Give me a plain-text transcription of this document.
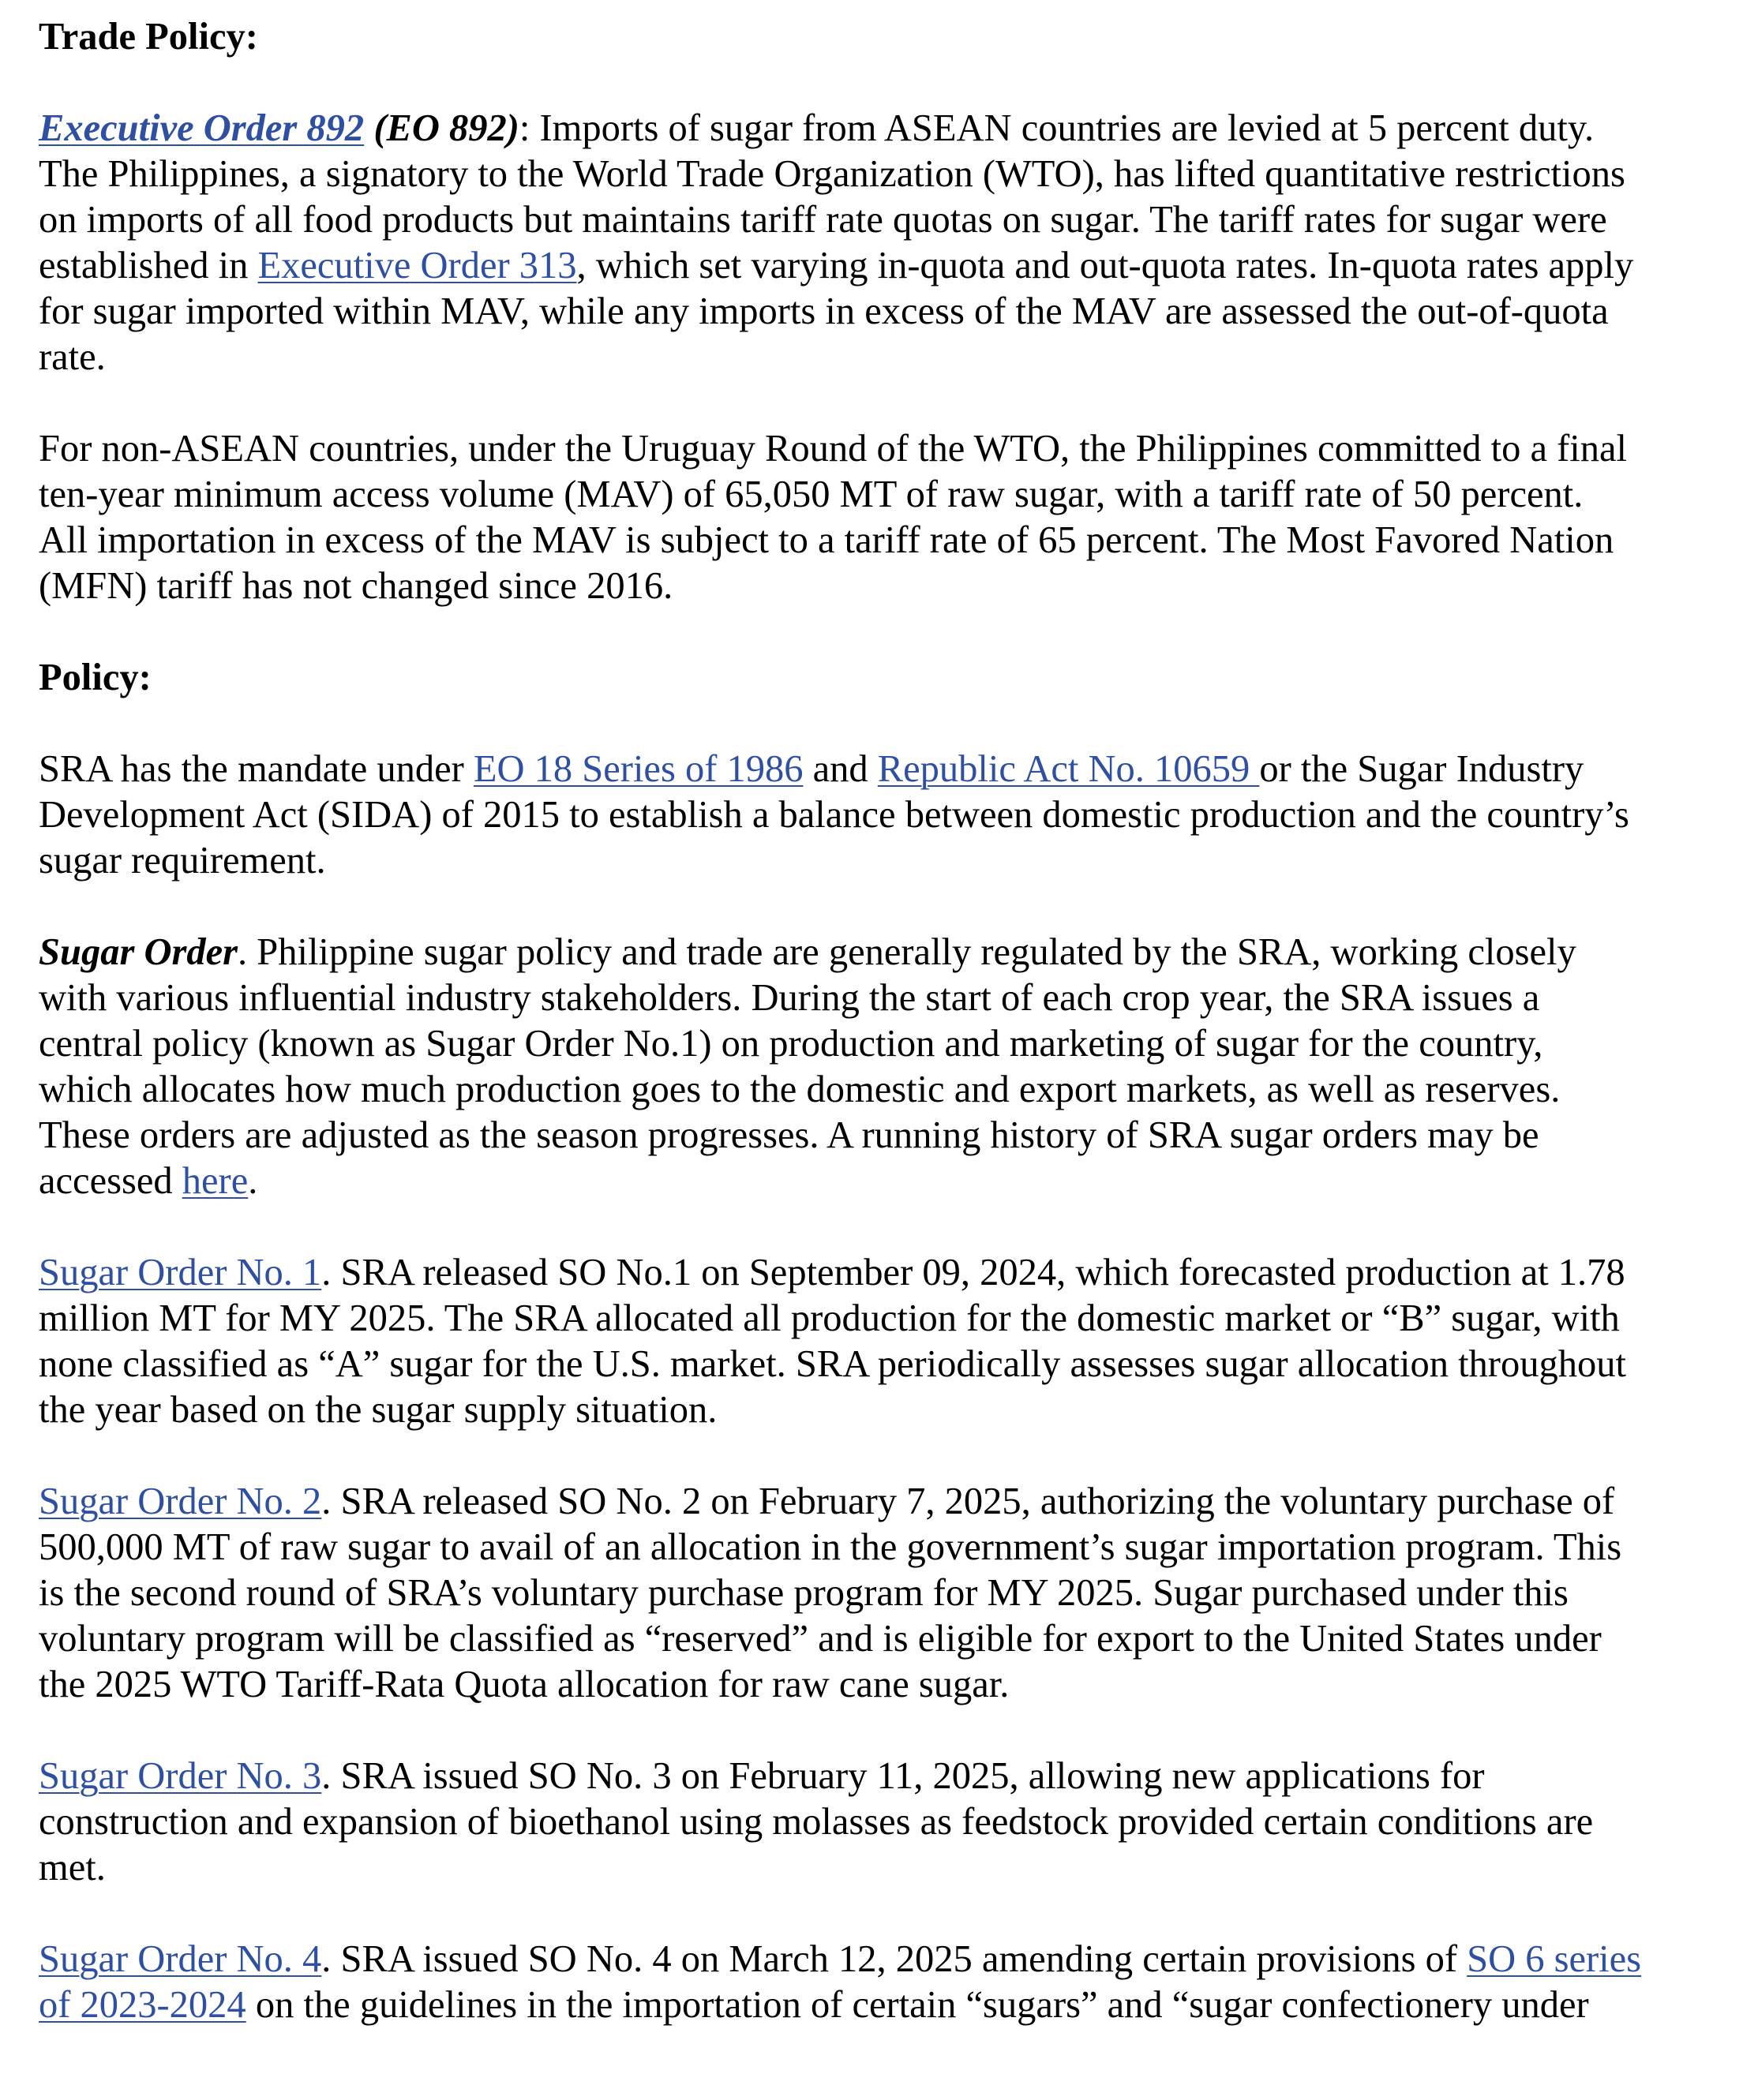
Trade Policy:
Executive Order 892 (EO 892): Imports of sugar from ASEAN countries are levied at 5 percent duty.
The Philippines, a signatory to the World Trade Organization (WTO), has lifted quantitative restrictions
on imports of all food products but maintains tariff rate quotas on sugar. The tariff rates for sugar were
established in Executive Order 313, which set varying in-quota and out-quota rates. In-quota rates apply
for sugar imported within MAV, while any imports in excess of the MAV are assessed the out-of-quota
rate.
For non-ASEAN countries, under the Uruguay Round of the WTO, the Philippines committed to a final
ten-year minimum access volume (MAV) of 65,050 MT of raw sugar, with a tariff rate of 50 percent.
All importation in excess of the MAV is subject to a tariff rate of 65 percent. The Most Favored Nation
(MFN) tariff has not changed since 2016.
Policy:
SRA has the mandate under EO 18 Series of 1986 and Republic Act No. 10659 or the Sugar Industry
Development Act (SIDA) of 2015 to establish a balance between domestic production and the country’s
sugar requirement.
Sugar Order. Philippine sugar policy and trade are generally regulated by the SRA, working closely
with various influential industry stakeholders. During the start of each crop year, the SRA issues a
central policy (known as Sugar Order No.1) on production and marketing of sugar for the country,
which allocates how much production goes to the domestic and export markets, as well as reserves.
These orders are adjusted as the season progresses. A running history of SRA sugar orders may be
accessed here.
Sugar Order No. 1. SRA released SO No.1 on September 09, 2024, which forecasted production at 1.78
million MT for MY 2025. The SRA allocated all production for the domestic market or “B” sugar, with
none classified as “A” sugar for the U.S. market. SRA periodically assesses sugar allocation throughout
the year based on the sugar supply situation.
Sugar Order No. 2. SRA released SO No. 2 on February 7, 2025, authorizing the voluntary purchase of
500,000 MT of raw sugar to avail of an allocation in the government’s sugar importation program. This
is the second round of SRA’s voluntary purchase program for MY 2025. Sugar purchased under this
voluntary program will be classified as “reserved” and is eligible for export to the United States under
the 2025 WTO Tariff-Rata Quota allocation for raw cane sugar.
Sugar Order No. 3. SRA issued SO No. 3 on February 11, 2025, allowing new applications for
construction and expansion of bioethanol using molasses as feedstock provided certain conditions are
met.
Sugar Order No. 4. SRA issued SO No. 4 on March 12, 2025 amending certain provisions of SO 6 series
of 2023-2024 on the guidelines in the importation of certain “sugars” and “sugar confectionery under
